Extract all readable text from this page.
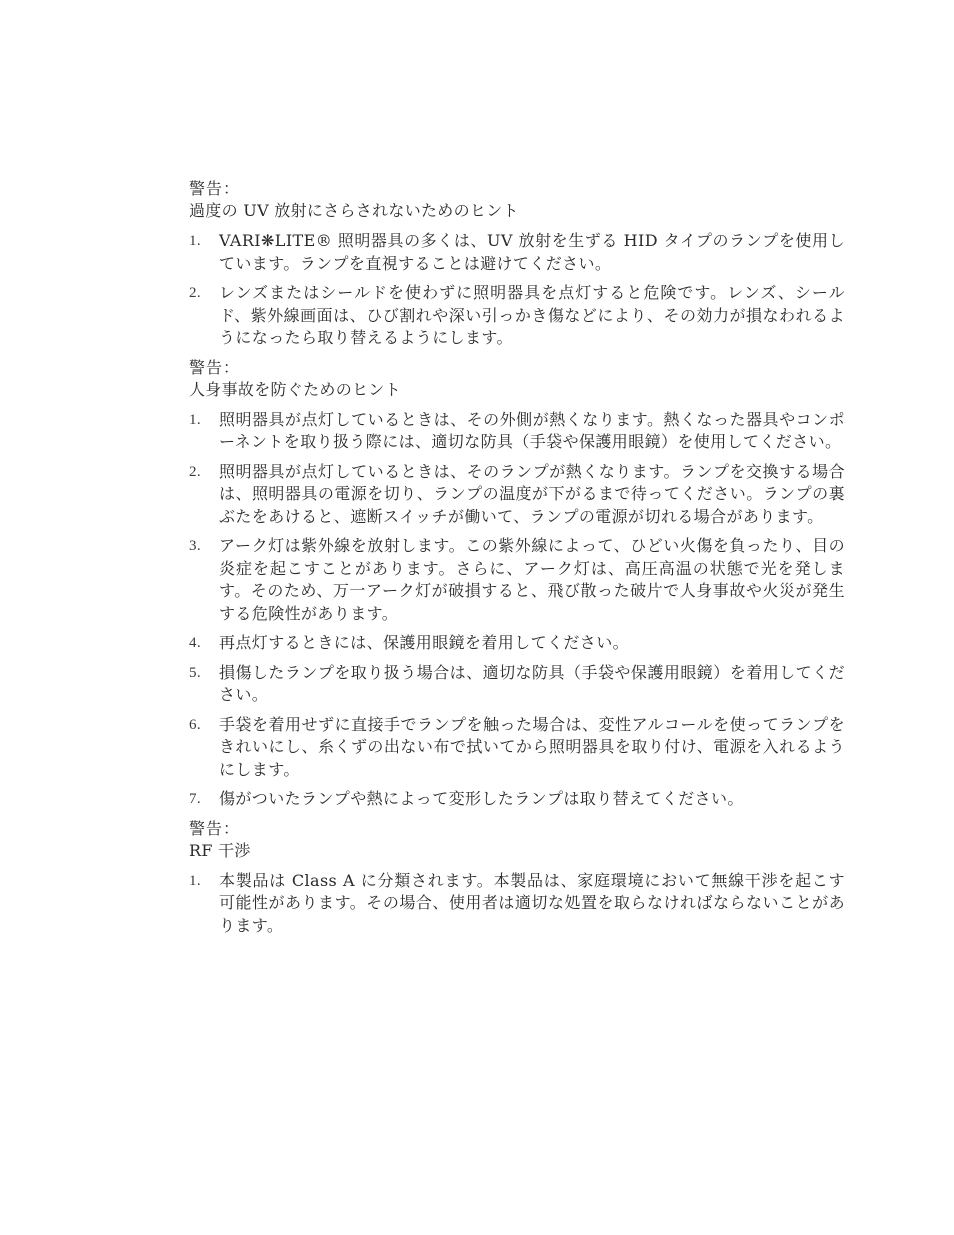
警告：
過度の UV 放射にさらされないためのヒント
1. VARI❋LITE® 照明器具の多くは、UV 放射を生ずる HID タイプのランプを使用しています。ランプを直視することは避けてください。
2. レンズまたはシールドを使わずに照明器具を点灯すると危険です。レンズ、シールド、紫外線画面は、ひび割れや深い引っかき傷などにより、その効力が損なわれるようになったら取り替えるようにします。
警告：
人身事故を防ぐためのヒント
1. 照明器具が点灯しているときは、その外側が熱くなります。熱くなった器具やコンポーネントを取り扱う際には、適切な防具（手袋や保護用眼鏡）を使用してください。
2. 照明器具が点灯しているときは、そのランプが熱くなります。ランプを交換する場合は、照明器具の電源を切り、ランプの温度が下がるまで待ってください。ランプの裏ぶたをあけると、遮断スイッチが働いて、ランプの電源が切れる場合があります。
3. アーク灯は紫外線を放射します。この紫外線によって、ひどい火傷を負ったり、目の炎症を起こすことがあります。さらに、アーク灯は、高圧高温の状態で光を発します。そのため、万一アーク灯が破損すると、飛び散った破片で人身事故や火災が発生する危険性があります。
4. 再点灯するときには、保護用眼鏡を着用してください。
5. 損傷したランプを取り扱う場合は、適切な防具（手袋や保護用眼鏡）を着用してください。
6. 手袋を着用せずに直接手でランプを触った場合は、変性アルコールを使ってランプをきれいにし、糸くずの出ない布で拭いてから照明器具を取り付け、電源を入れるようにします。
7. 傷がついたランプや熱によって変形したランプは取り替えてください。
警告：
RF 干渉
1. 本製品は Class A に分類されます。本製品は、家庭環境において無線干渉を起こす可能性があります。その場合、使用者は適切な処置を取らなければならないことがあります。
